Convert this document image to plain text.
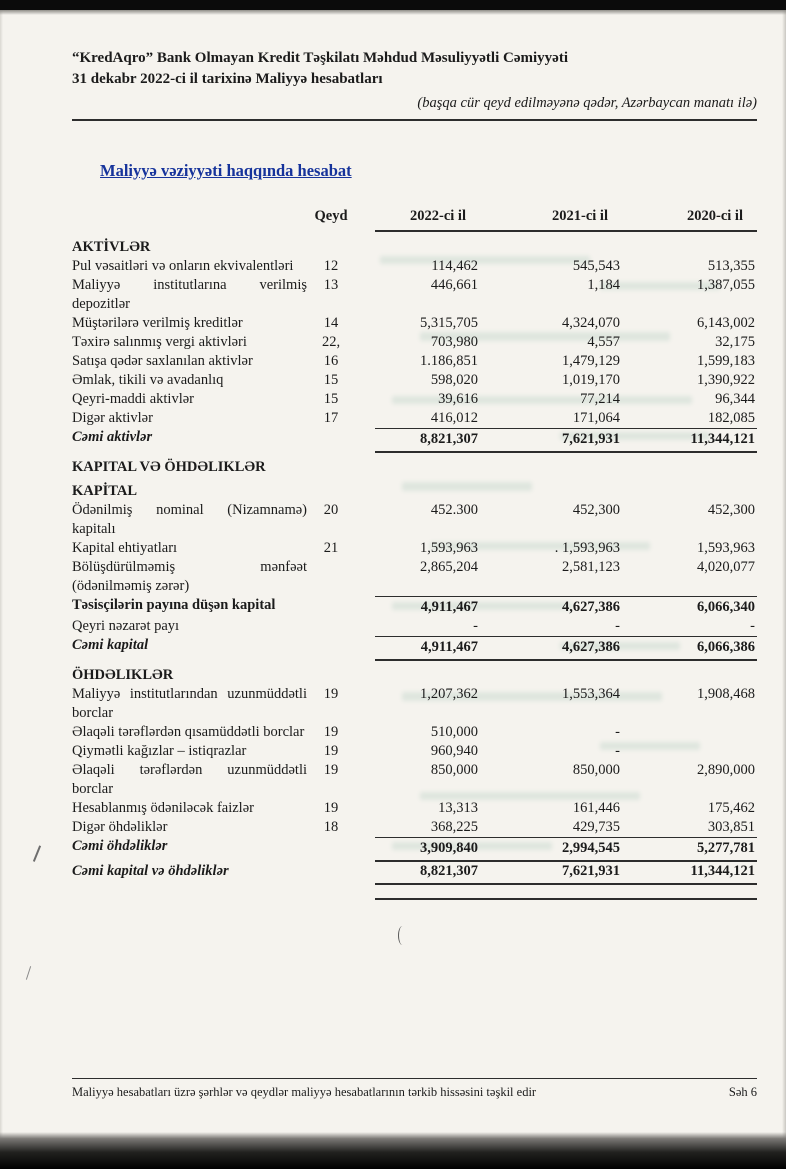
“KredAqro” Bank Olmayan Kredit Təşkilatı Məhdud Məsuliyyətli Cəmiyyəti
31 dekabr 2022-ci il tarixinə Maliyyə hesabatları
(başqa cür qeyd edilməyənə qədər, Azərbaycan manatı ilə)
Maliyyə vəziyyəti haqqında hesabat
Qeyd	2022-ci il	2021-ci il	2020-ci il
AKTİVLƏR
Pul vəsaitləri və onların ekvivalentləri	12	114,462	545,543	513,355
Maliyyə institutlarına verilmiş depozitlər
13	446,661	1,184	1,387,055
Müştərilərə verilmiş kreditlər	14	5,315,705	4,324,070	6,143,002
Təxirə salınmış vergi aktivləri	22,	703,980	4,557	32,175
Satışa qədər saxlanılan aktivlər	16	1.186,851	1,479,129	1,599,183
Əmlak, tikili və avadanlıq	15	598,020	1,019,170	1,390,922
Qeyri-maddi aktivlər	15	39,616	77,214	96,344
Digər aktivlər	17	416,012	171,064	182,085
Cəmi aktivlər	8,821,307	7,621,931	11,344,121
KAPITAL VƏ ÖHDƏLIKLƏR
KAPİTAL
Ödənilmiş nominal (Nizamnamə) kapitalı
20	452.300	452,300	452,300
Kapital ehtiyatları	21	1,593,963	. 1,593,963	1,593,963
Bölüşdürülməmiş mənfəət (ödənilməmiş zərər)
2,865,204	2,581,123	4,020,077
Təsisçilərin payına düşən kapital	4,911,467	4,627,386	6,066,340
Qeyri nəzarət payı	-	-	-
Cəmi kapital	4,911,467	4,627,386	6,066,386
ÖHDƏLIKLƏR
Maliyyə institutlarından uzunmüddətli borclar
19	1,207,362	1,553,364	1,908,468
Əlaqəli tərəflərdən qısamüddətli borclar	19	510,000	-
Qiymətli kağızlar – istiqrazlar	19	960,940	-
Əlaqəli tərəflərdən uzunmüddətli borclar
19	850,000	850,000	2,890,000
Hesablanmış ödəniləcək faizlər	19	13,313	161,446	175,462
Digər öhdəliklər	18	368,225	429,735	303,851
Cəmi öhdəliklər	3,909,840	2,994,545	5,277,781
Cəmi kapital və öhdəliklər	8,821,307	7,621,931	11,344,121
Maliyyə hesabatları üzrə şərhlər və qeydlər maliyyə hesabatlarının tərkib hissəsini təşkil edir	Səh 6
